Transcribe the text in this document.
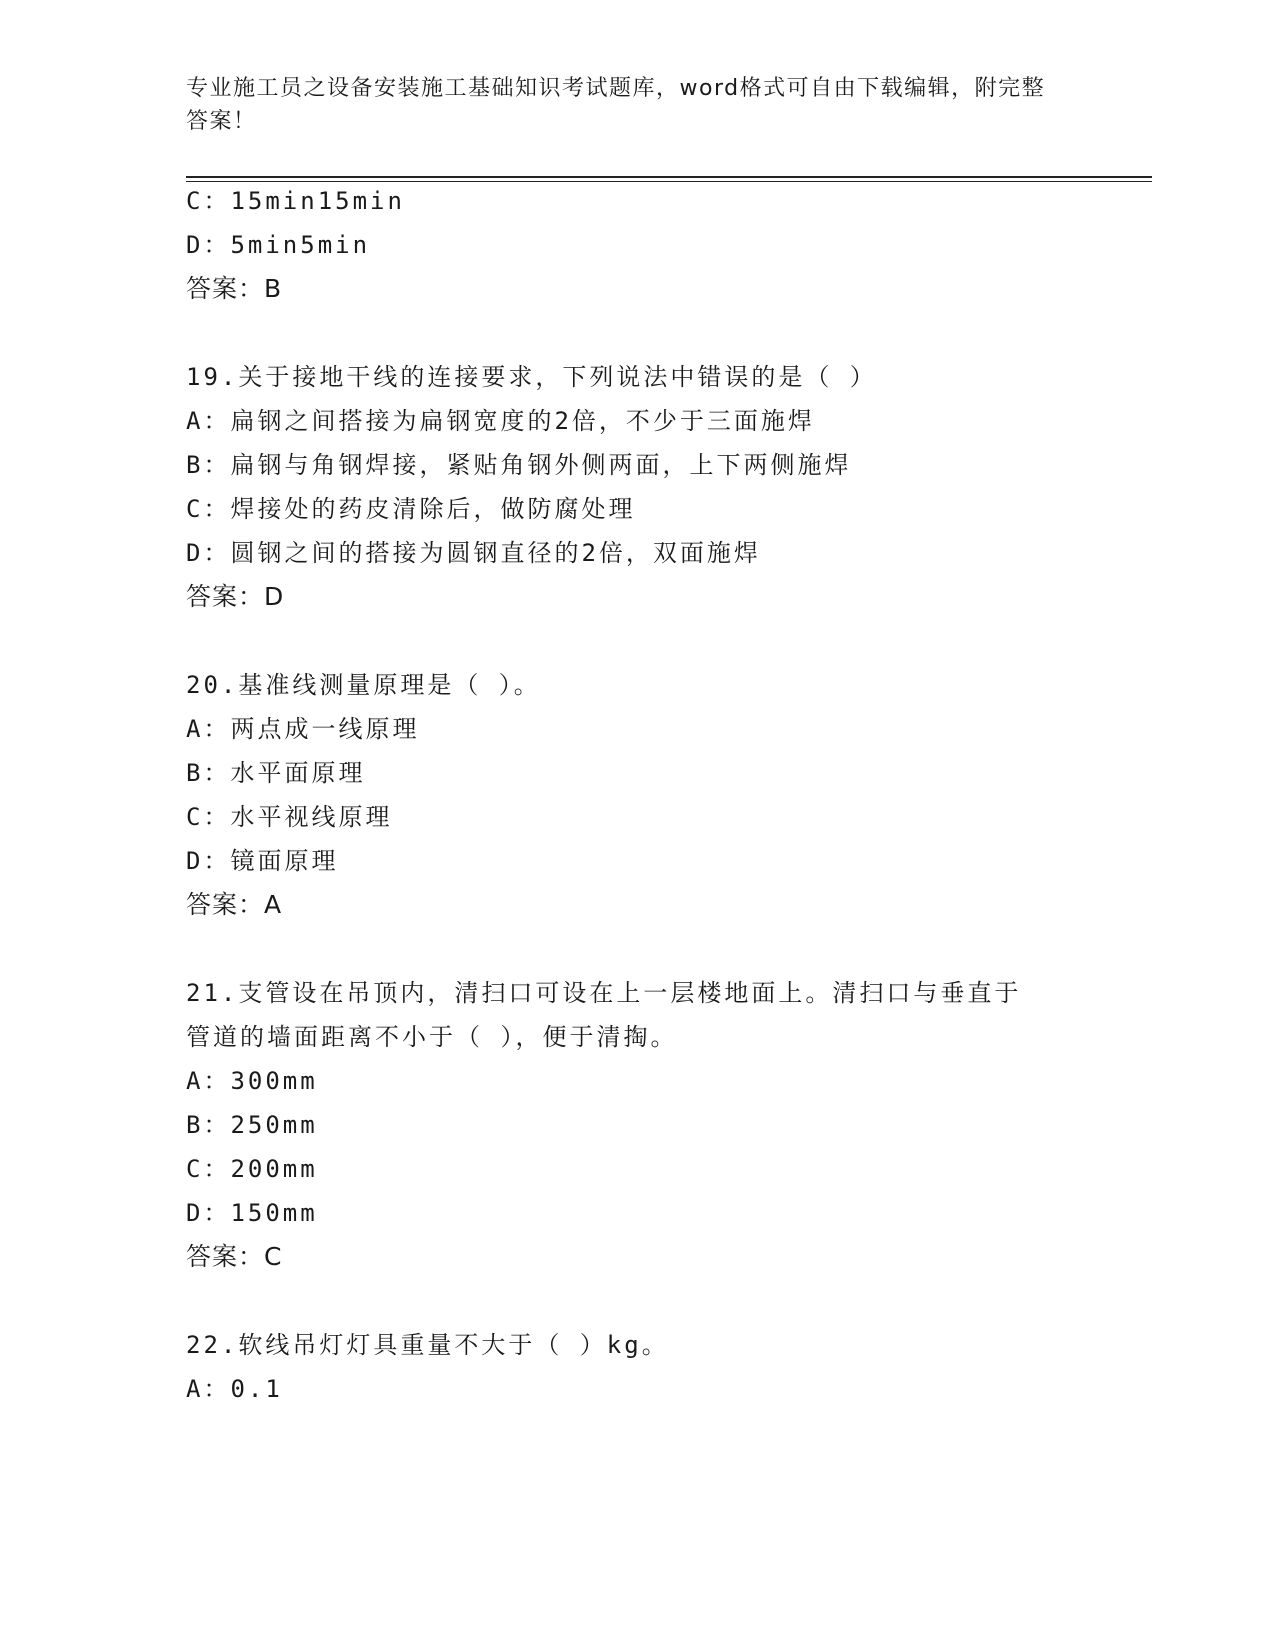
专业施工员之设备安装施工基础知识考试题库，word格式可自由下载编辑，附完整答案！
C：15min15min
D：5min5min
答案：B
19.关于接地干线的连接要求，下列说法中错误的是（ ）
A：扁钢之间搭接为扁钢宽度的2倍，不少于三面施焊
B：扁钢与角钢焊接，紧贴角钢外侧两面，上下两侧施焊
C：焊接处的药皮清除后，做防腐处理
D：圆钢之间的搭接为圆钢直径的2倍，双面施焊
答案：D
20.基准线测量原理是（ ）。
A：两点成一线原理
B：水平面原理
C：水平视线原理
D：镜面原理
答案：A
21.支管设在吊顶内，清扫口可设在上一层楼地面上。清扫口与垂直于
管道的墙面距离不小于（ ），便于清掏。
A：300mm
B：250mm
C：200mm
D：150mm
答案：C
22.软线吊灯灯具重量不大于（ ）kg。
A：0.1
